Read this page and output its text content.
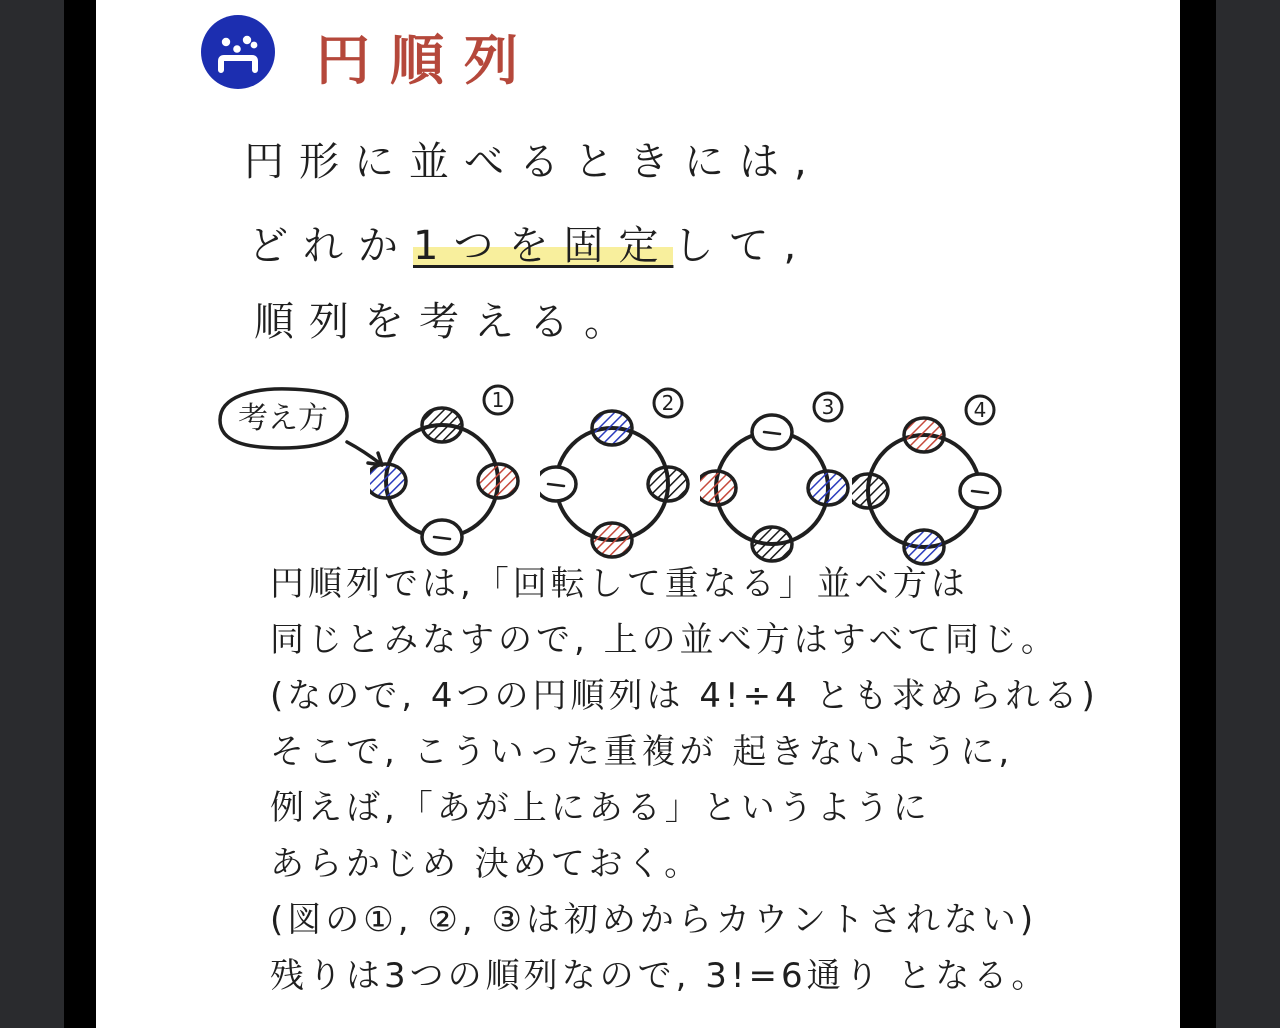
円順列
円形に並べるときには,
どれか1つを固定して,
順列を考える。
考え方
1	2	3	4
円順列では,「回転して重なる」並べ方は
同じとみなすので, 上の並べ方はすべて同じ。
(なので, 4つの円順列は 4!÷4 とも求められる)
そこで, こういった重複が 起きないように,
例えば,「あが上にある」というように
あらかじめ 決めておく。
(図の①, ②, ③は初めからカウントされない)
残りは3つの順列なので, 3!=6通り となる。
